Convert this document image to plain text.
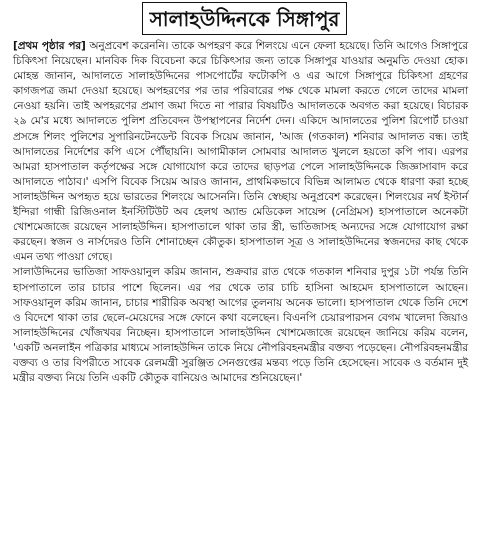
সালাহউদ্দিনকে সিঙ্গাপুর

[প্রথম পৃষ্ঠার পর] অনুপ্রবেশ করেননি। তাকে অপহরণ করে শিলংয়ে এনে ফেলা হয়েছে। তিনি আগেও সিঙ্গাপুরে চিকিৎসা নিয়েছেন। মানবিক দিক বিবেচনা করে চিকিৎসার জন্য তাকে সিঙ্গাপুর যাওয়ার অনুমতি দেওয়া হোক। মোহন্ত জানান, আদালতে সালাহউদ্দিনের পাসপোর্টের ফটোকপি ও এর আগে সিঙ্গাপুরে চিকিৎসা গ্রহণের কাগজপত্র জমা দেওয়া হয়েছে। অপহরণের পর তার পরিবারের পক্ষ থেকে মামলা করতে গেলে তাদের মামলা নেওয়া হয়নি। তাই অপহরণের প্রমাণ জমা দিতে না পারার বিষয়টিও আদালতকে অবগত করা হয়েছে। বিচারক ২৯ মে'র মধ্যে আদালতে পুলিশ প্রতিবেদন উপস্থাপনের নির্দেশ দেন। একিদে আদালতের পুলিশ রিপোর্ট চাওয়া প্রসঙ্গে শিলং পুলিশের সুপারিনটেনডেন্ট বিবেক সিয়েম জানান, 'আজ (গতকাল) শনিবার আদালত বন্ধ। তাই আদালতের নির্দেশের কপি এসে পৌঁছায়নি। আগামীকাল সোমবার আদালত খুললে হয়তো কপি পাব। এরপর আমরা হাসপাতাল কর্তৃপক্ষের সঙ্গে যোগাযোগ করে তাদের ছাড়পত্র পেলে সালাহউদ্দিনকে জিজ্ঞাসাবাদ করে আদালতে পাঠাব।' এসপি বিবেক সিয়েম আরও জানান, প্রাথমিকভাবে বিভিন্ন আলামত থেকে ধারণা করা হচ্ছে সালাহউদ্দিন অপহৃত হয়ে ভারতের শিলংয়ে আসেননি। তিনি স্বেচ্ছায় অনুপ্রবেশ করেছেন। শিলংয়ের নর্থ ইস্টার্ন ইন্দিরা গান্ধী রিজিওনাল ইনস্টিটিউট অব হেলথ অ্যান্ড মেডিকেল সায়েন্স (নেগ্রিমস) হাসপাতালে অনেকটা খোশমেজাজে রয়েছেন সালাহউদ্দিন। হাসপাতালে থাকা তার স্ত্রী, ভাতিজাসহ অন্যদের সঙ্গে যোগাযোগ রক্ষা করছেন। স্বজন ও নার্সদেরও তিনি শোনাচ্ছেন কৌতুক। হাসপাতাল সূত্র ও সালাহউদ্দিনের স্বজনদের কাছ থেকে এমন তথ্য পাওয়া গেছে।

সালাউদ্দিনের ভাতিজা সাফওয়ানুল করিম জানান, শুক্রবার রাত থেকে গতকাল শনিবার দুপুর ১টা পর্যন্ত তিনি হাসপাতালে তার চাচার পাশে ছিলেন। এর পর থেকে তার চাচি হাসিনা আহমেদ হাসপাতালে আছেন। সাফওয়ানুল করিম জানান, চাচার শারীরিক অবস্থা আগের তুলনায় অনেক ভালো। হাসপাতাল থেকে তিনি দেশে ও বিদেশে থাকা তার ছেলে-মেয়েদের সঙ্গে ফোনে কথা বলেছেন। বিএনপি চেয়ারপারসন বেগম খালেদা জিয়াও সালাহউদ্দিনের খোঁজখবর নিচ্ছেন। হাসপাতালে সালাহউদ্দিন খোশমেজাজে রয়েছেন জানিয়ে করিম বলেন, 'একটি অনলাইন পত্রিকার মাধ্যমে সালাহউদ্দিন তাকে নিয়ে নৌপরিবহনমন্ত্রীর বক্তব্য পড়েছেন। নৌপরিবহনমন্ত্রীর বক্তব্য ও তার বিপরীতে সাবেক রেলমন্ত্রী সুরঞ্জিত সেনগুপ্তের মন্তব্য পড়ে তিনি হেসেছেন। সাবেক ও বর্তমান দুই মন্ত্রীর বক্তব্য নিয়ে তিনি একটি কৌতুক বানিয়েও আমাদের শুনিয়েছেন।'
